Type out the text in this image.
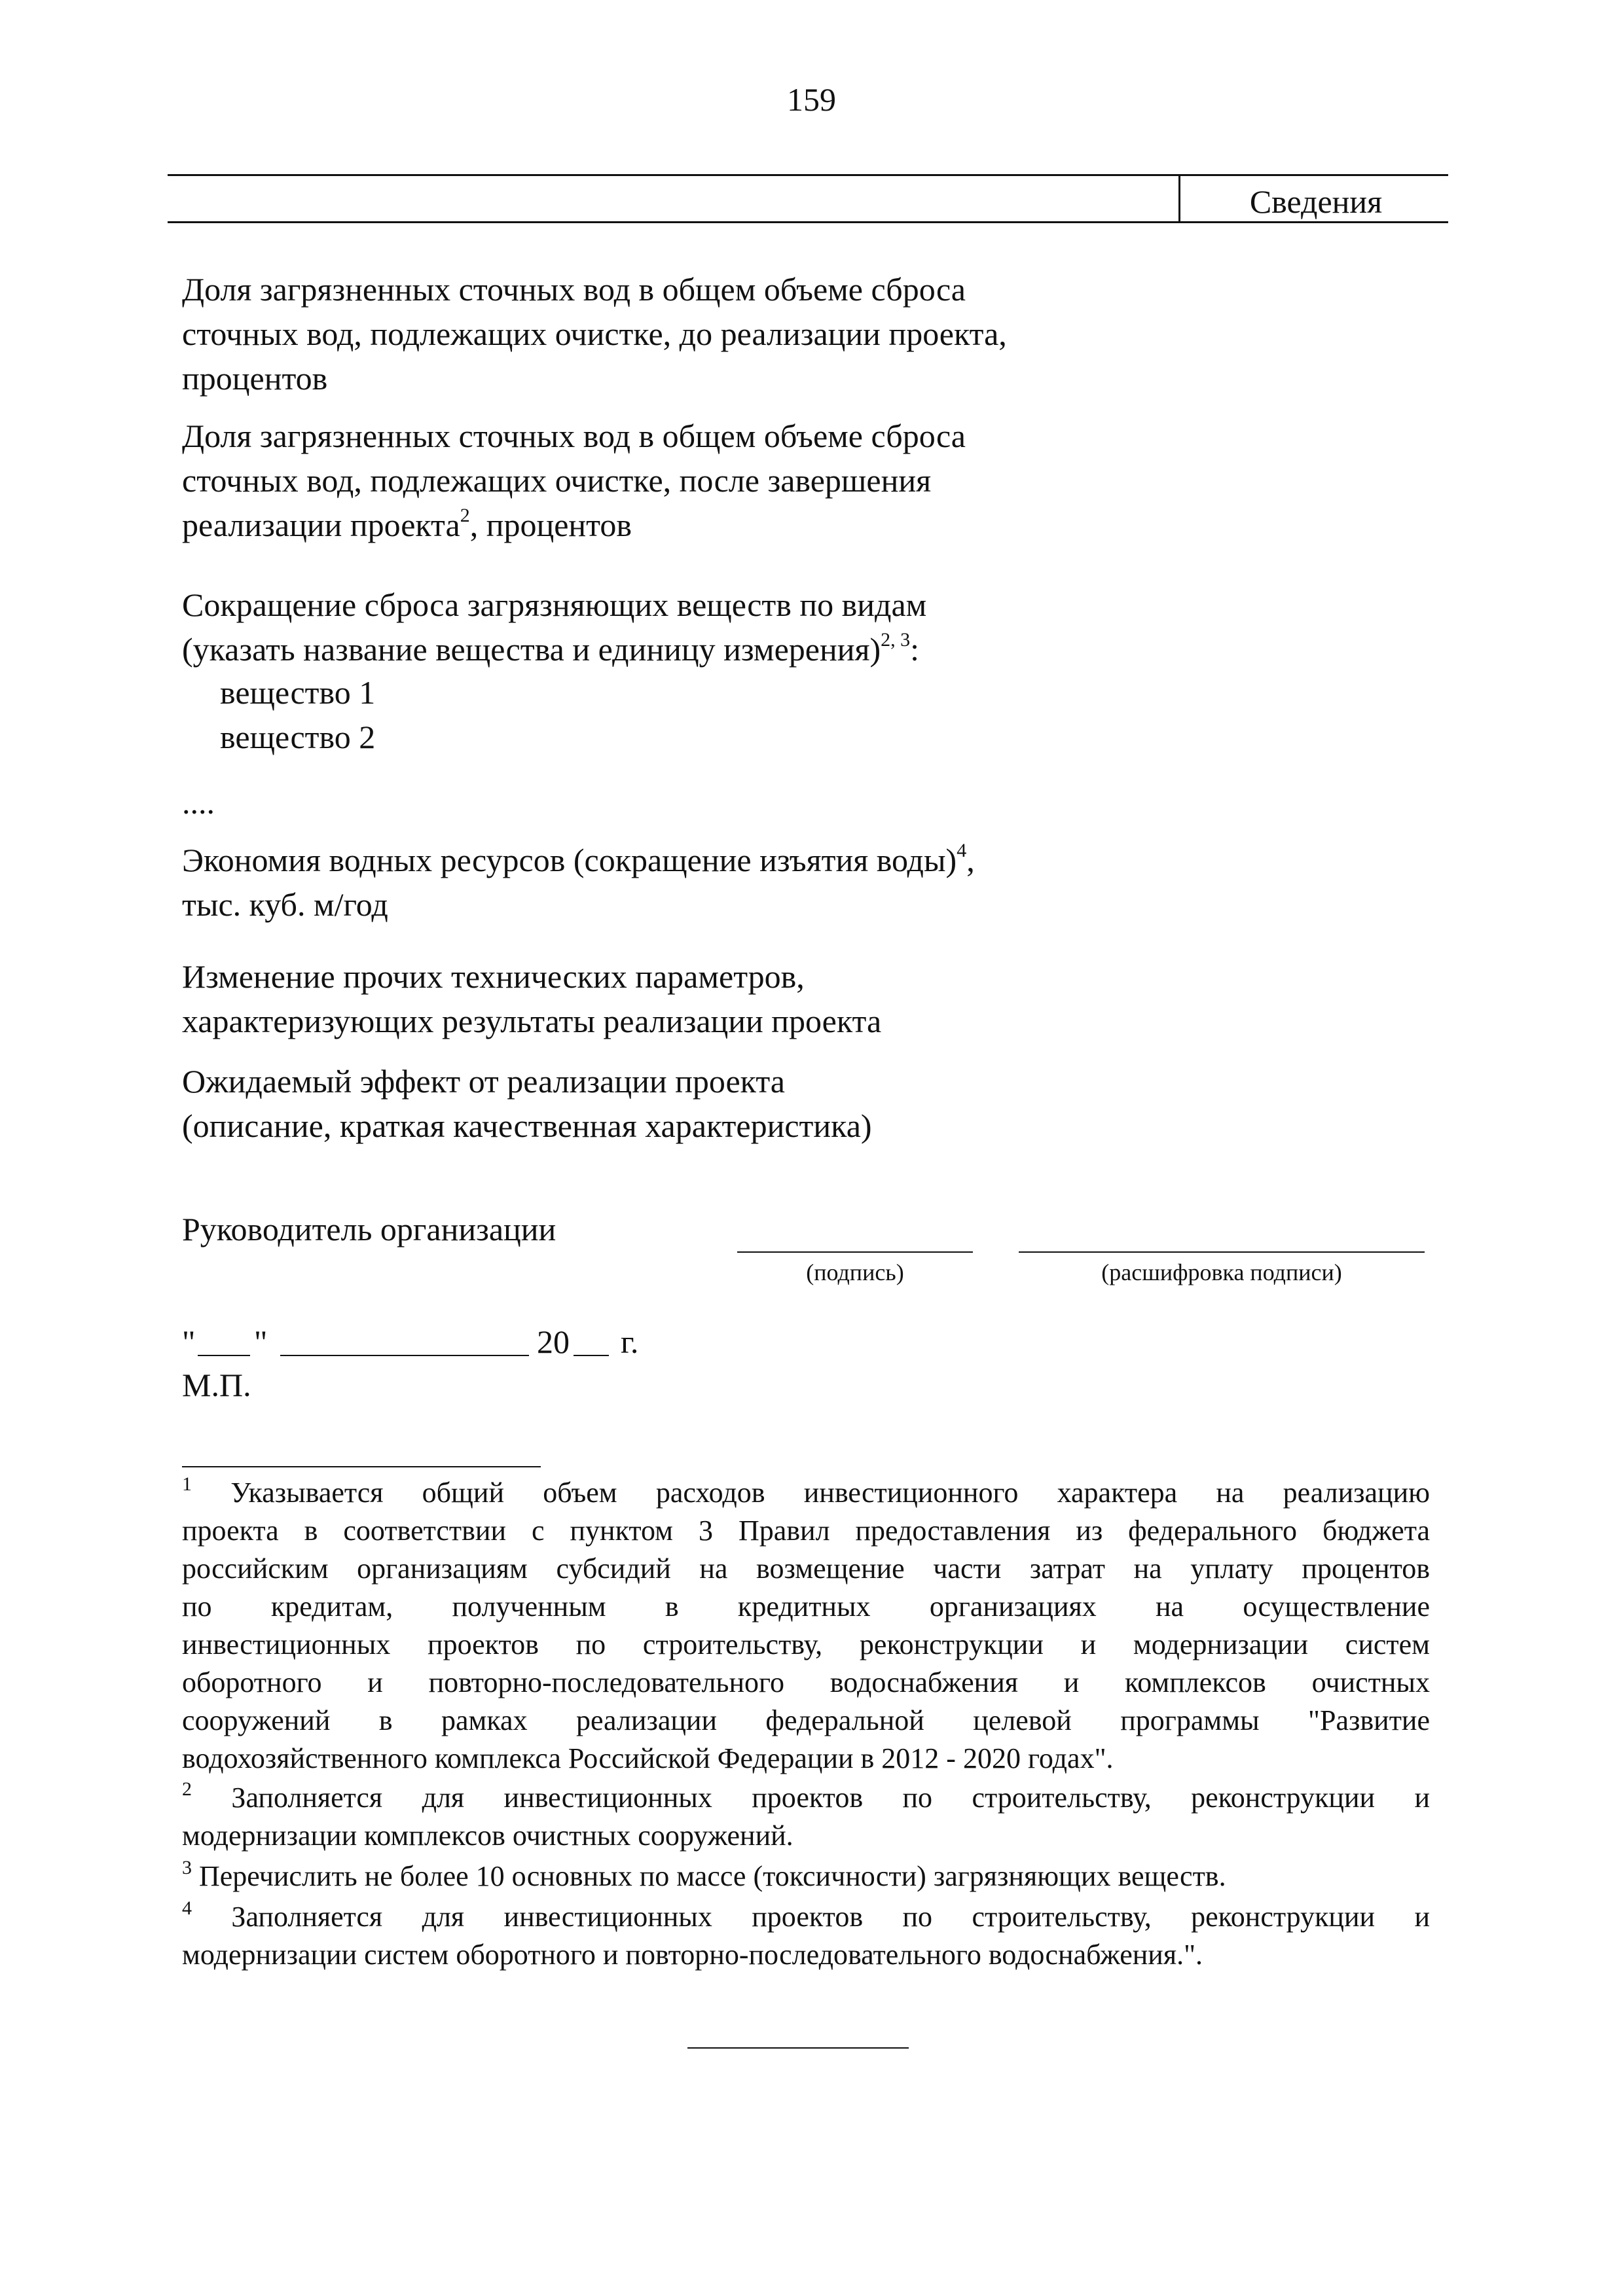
159
Сведения
Доля загрязненных сточных вод в общем объеме сброса
сточных вод, подлежащих очистке, до реализации проекта,
процентов
Доля загрязненных сточных вод в общем объеме сброса
сточных вод, подлежащих очистке, после завершения
реализации проекта$^2$, процентов
Сокращение сброса загрязняющих веществ по видам
(указать название вещества и единицу измерения)$^{2, 3}$:
вещество 1
вещество 2
....
Экономия водных ресурсов (сокращение изъятия воды)$^4$,
тыс. куб. м/год
Изменение прочих технических параметров,
характеризующих результаты реализации проекта
Ожидаемый эффект от реализации проекта
(описание, краткая качественная характеристика)
Руководитель организации
(подпись)	(расшифровка подписи)
" "	20 г.
М.П.
$^1$ Указывается общий объем расходов инвестиционного характера на реализацию
проекта в соответствии с пунктом 3 Правил предоставления из федерального бюджета
российским организациям субсидий на возмещение части затрат на уплату процентов
по кредитам, полученным в кредитных организациях на осуществление
инвестиционных проектов по строительству, реконструкции и модернизации систем
оборотного и повторно-последовательного водоснабжения и комплексов очистных
сооружений в рамках реализации федеральной целевой программы "Развитие
водохозяйственного комплекса Российской Федерации в 2012 - 2020 годах".
$^2$ Заполняется для инвестиционных проектов по строительству, реконструкции и
модернизации комплексов очистных сооружений.
$^3$ Перечислить не более 10 основных по массе (токсичности) загрязняющих веществ.
$^4$ Заполняется для инвестиционных проектов по строительству, реконструкции и
модернизации систем оборотного и повторно-последовательного водоснабжения.".
